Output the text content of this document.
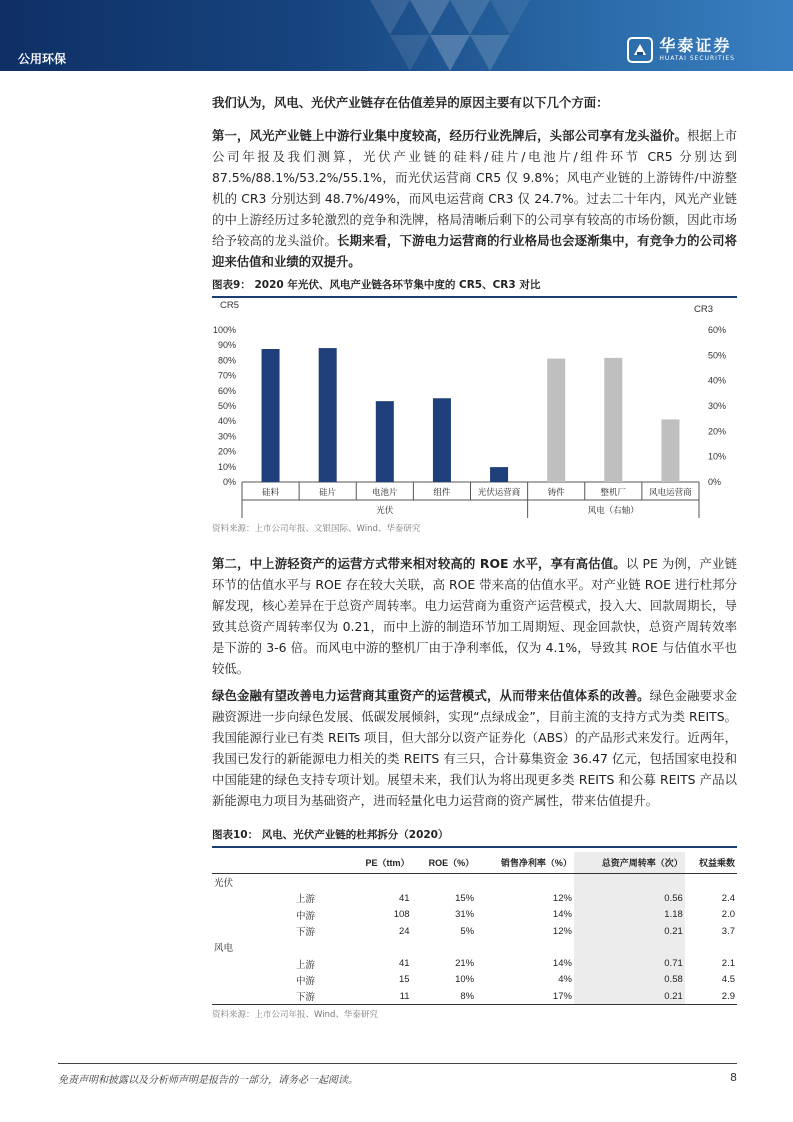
公用环保
华泰证券
HUATAI SECURITIES

我们认为，风电、光伏产业链存在估值差异的原因主要有以下几个方面：

第一，风光产业链上中游行业集中度较高，经历行业洗牌后，头部公司享有龙头溢价。根据上市公司年报及我们测算，光伏产业链的硅料/硅片/电池片/组件环节 CR5 分别达到 87.5%/88.1%/53.2%/55.1%，而光伏运营商 CR5 仅 9.8%；风电产业链的上游铸件/中游整机的 CR3 分别达到 48.7%/49%，而风电运营商 CR3 仅 24.7%。过去二十年内，风光产业链的中上游经历过多轮激烈的竞争和洗牌，格局清晰后剩下的公司享有较高的市场份额，因此市场给予较高的龙头溢价。长期来看，下游电力运营商的行业格局也会逐渐集中，有竞争力的公司将迎来估值和业绩的双提升。

图表9： 2020 年光伏、风电产业链各环节集中度的 CR5、CR3 对比

CR5	CR3
100%
90%
80%
70%
60%
50%
40%
30%
20%
10%
0%
60%
50%
40%
30%
20%
10%
0%
硅料	硅片	电池片	组件	光伏运营商	铸件	整机厂	风电运营商
光伏	风电（右轴）
资料来源：上市公司年报、文银国际、Wind、华泰研究

第二，中上游轻资产的运营方式带来相对较高的 ROE 水平，享有高估值。以 PE 为例，产业链环节的估值水平与 ROE 存在较大关联，高 ROE 带来高的估值水平。对产业链 ROE 进行杜邦分解发现，核心差异在于总资产周转率。电力运营商为重资产运营模式，投入大、回款周期长，导致其总资产周转率仅为 0.21，而中上游的制造环节加工周期短、现金回款快，总资产周转效率是下游的 3-6 倍。而风电中游的整机厂由于净利率低，仅为 4.1%，导致其 ROE 与估值水平也较低。

绿色金融有望改善电力运营商其重资产的运营模式，从而带来估值体系的改善。绿色金融要求金融资源进一步向绿色发展、低碳发展倾斜，实现“点绿成金”，目前主流的支持方式为类 REITS。我国能源行业已有类 REITs 项目，但大部分以资产证券化（ABS）的产品形式来发行。近两年，我国已发行的新能源电力相关的类 REITS 有三只，合计募集资金 36.47 亿元，包括国家电投和中国能建的绿色支持专项计划。展望未来，我们认为将出现更多类 REITS 和公募 REITS 产品以新能源电力项目为基础资产，进而轻量化电力运营商的资产属性，带来估值提升。

图表10： 风电、光伏产业链的杜邦拆分（2020）

	PE（ttm）	ROE（%）	销售净利率（%）	总资产周转率（次）	权益乘数
光伏					
上游	41	15%	12%	0.56	2.4
中游	108	31%	14%	1.18	2.0
下游	24	5%	12%	0.21	3.7
风电					
上游	41	21%	14%	0.71	2.1
中游	15	10%	4%	0.58	4.5
下游	11	8%	17%	0.21	2.9
资料来源：上市公司年报、Wind、华泰研究
免责声明和披露以及分析师声明是报告的一部分，请务必一起阅读。	8
